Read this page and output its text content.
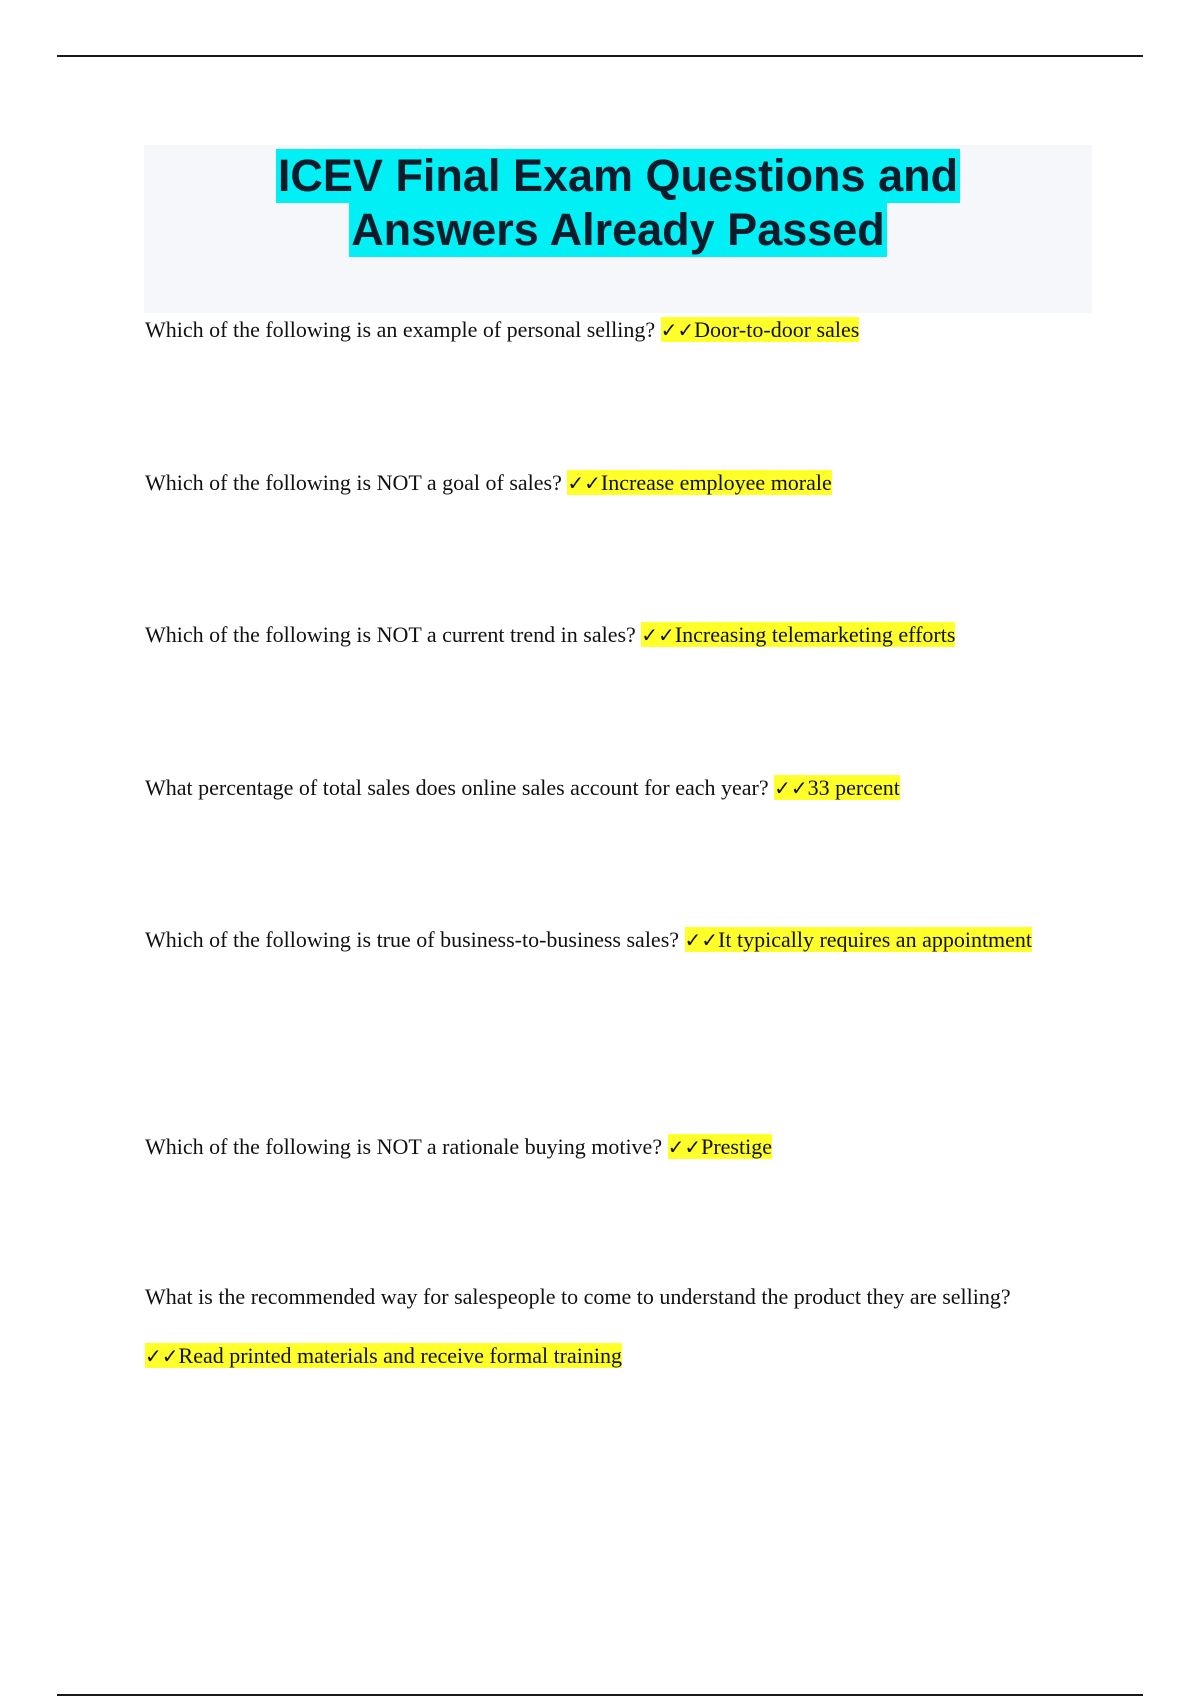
ICEV Final Exam Questions and
Answers Already Passed

Which of the following is an example of personal selling? ✓✓Door-to-door sales

Which of the following is NOT a goal of sales? ✓✓Increase employee morale

Which of the following is NOT a current trend in sales? ✓✓Increasing telemarketing efforts

What percentage of total sales does online sales account for each year? ✓✓33 percent

Which of the following is true of business-to-business sales? ✓✓It typically requires an appointment

Which of the following is NOT a rationale buying motive? ✓✓Prestige

What is the recommended way for salespeople to come to understand the product they are selling? ✓✓Read printed materials and receive formal training
